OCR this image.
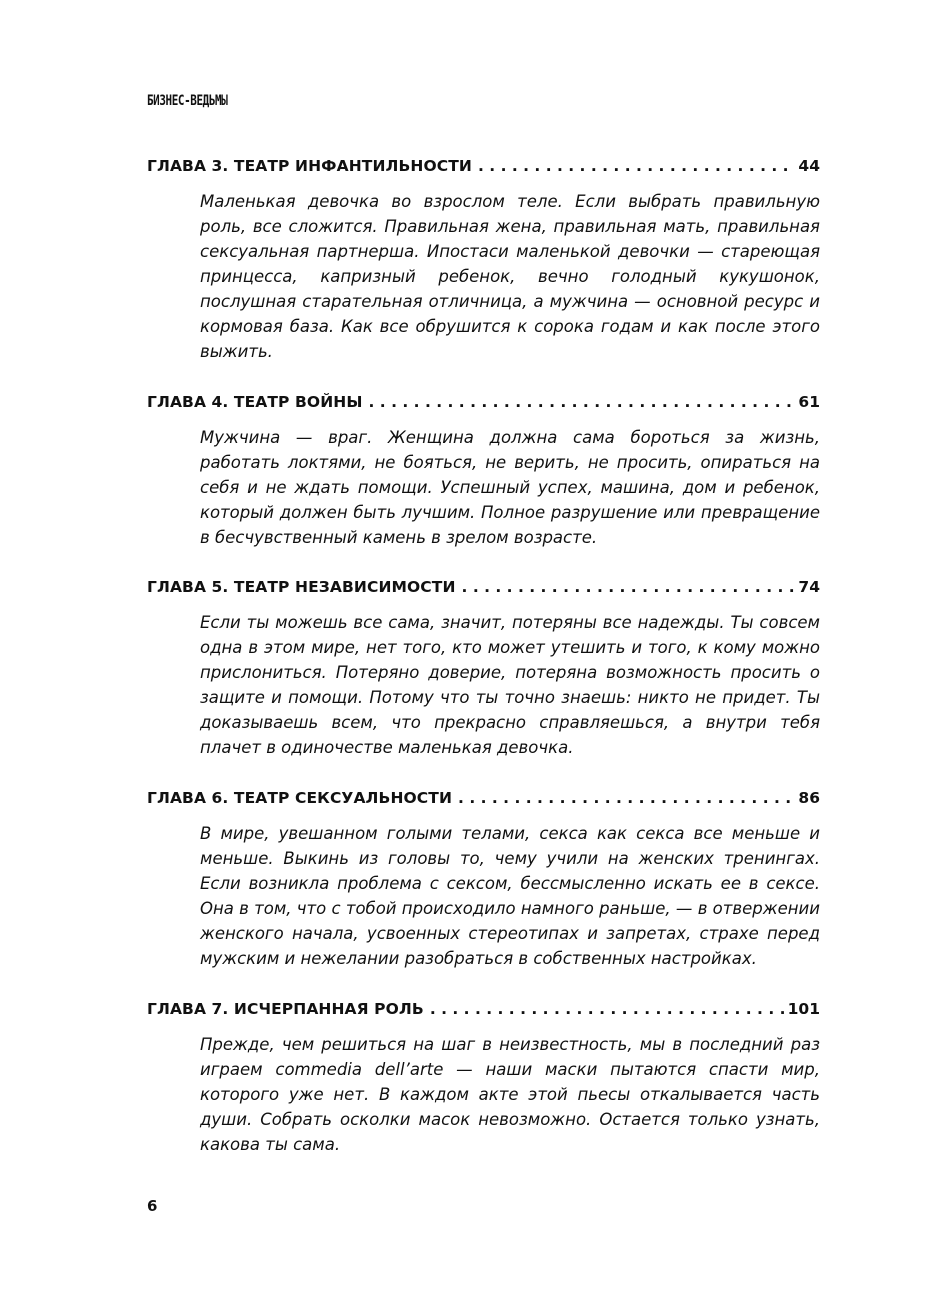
БИЗНЕС-ВЕДЬМЫ
ГЛАВА 3. ТЕАТР ИНФАНТИЛЬНОСТИ . . .	44

Маленькая девочка во взрослом теле. Если выбрать правильную роль, все сложится. Правильная жена, правильная мать, правильная сексуальная партнерша. Ипостаси маленькой девочки — стареющая принцесса, капризный ребенок, вечно голодный кукушонок, послушная старательная отличница, а мужчина — основной ресурс и кормовая база. Как все обрушится к сорока годам и как после этого выжить.

ГЛАВА 4. ТЕАТР ВОЙНЫ . . .	61

Мужчина — враг. Женщина должна сама бороться за жизнь, работать локтями, не бояться, не верить, не просить, опираться на себя и не ждать помощи. Успешный успех, машина, дом и ребенок, который должен быть лучшим. Полное разрушение или превращение в бесчувственный камень в зрелом возрасте.

ГЛАВА 5. ТЕАТР НЕЗАВИСИМОСТИ . . .	74

Если ты можешь все сама, значит, потеряны все надежды. Ты совсем одна в этом мире, нет того, кто может утешить и того, к кому можно прислониться. Потеряно доверие, потеряна возможность просить о защите и помощи. Потому что ты точно знаешь: никто не придет. Ты доказываешь всем, что прекрасно справляешься, а внутри тебя плачет в одиночестве маленькая девочка.

ГЛАВА 6. ТЕАТР СЕКСУАЛЬНОСТИ . . .	86

В мире, увешанном голыми телами, секса как секса все меньше и меньше. Выкинь из головы то, чему учили на женских тренингах. Если возникла проблема с сексом, бессмысленно искать ее в сексе. Она в том, что с тобой происходило намного раньше, — в отвержении женского начала, усвоенных стереотипах и запретах, страхе перед мужским и нежелании разобраться в собственных настройках.

ГЛАВА 7. ИСЧЕРПАННАЯ РОЛЬ . . .	101

Прежде, чем решиться на шаг в неизвестность, мы в последний раз играем commedia dell’arte — наши маски пытаются спасти мир, которого уже нет. В каждом акте этой пьесы откалывается часть души. Собрать осколки масок невозможно. Остается только узнать, какова ты сама.

6
